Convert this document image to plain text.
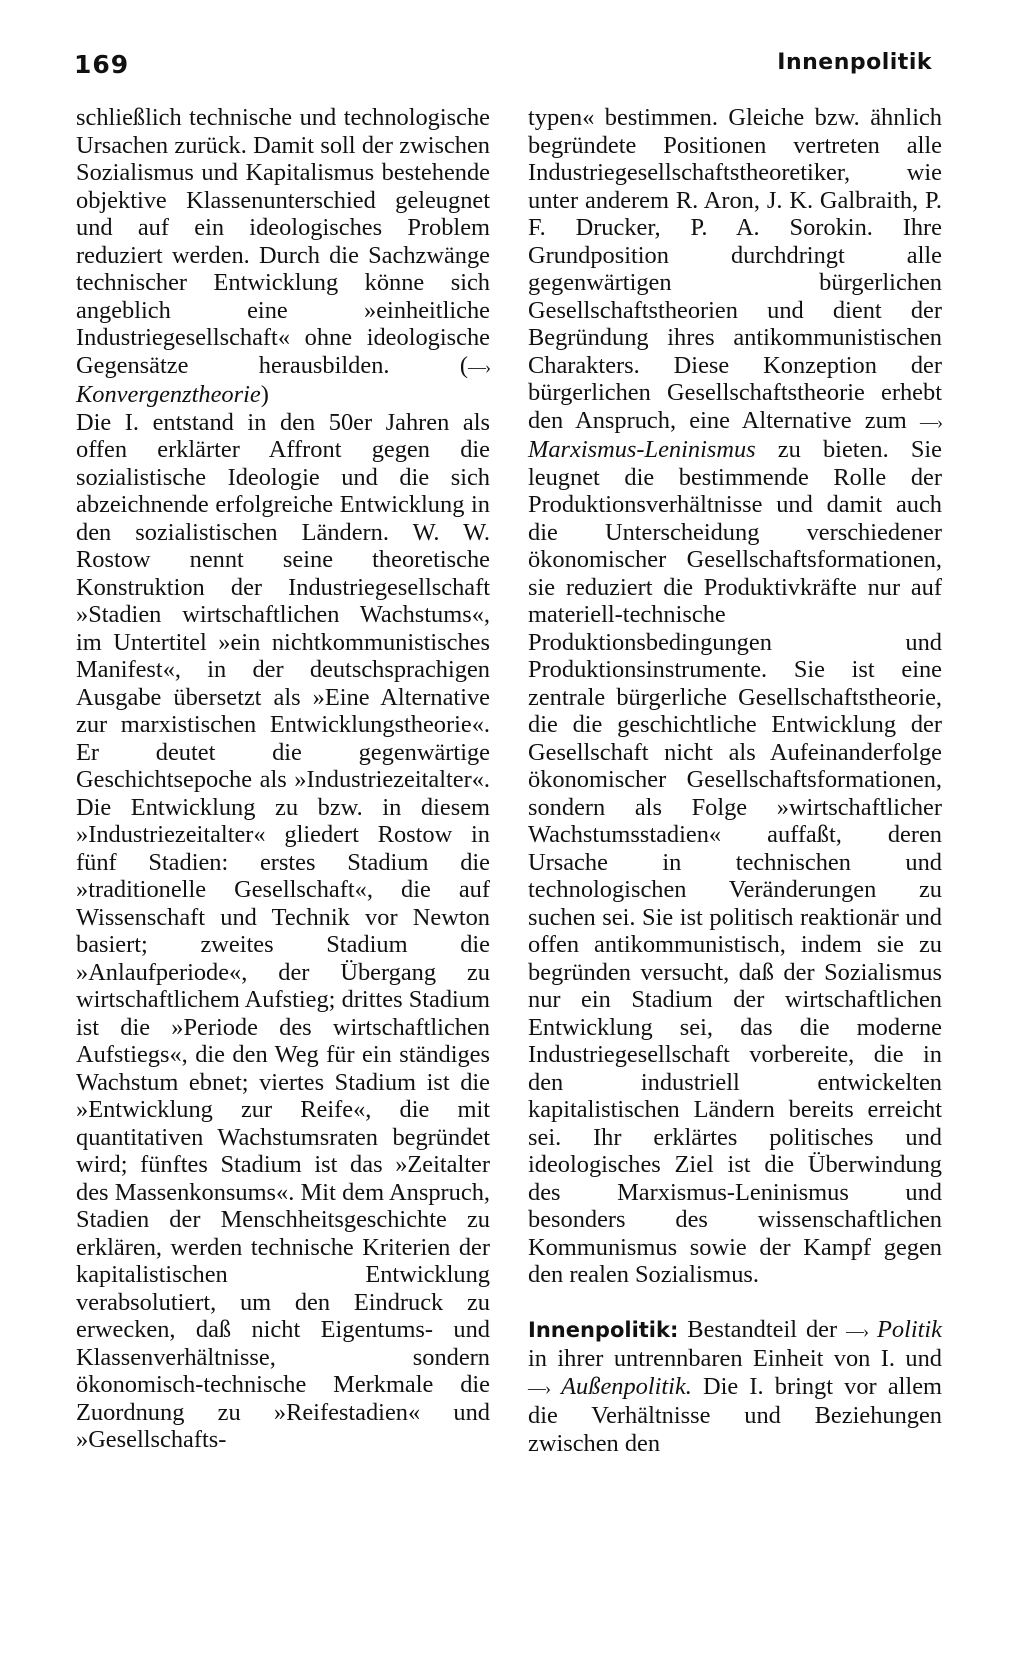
169	Innenpolitik

schließlich technische und technologische Ursachen zurück. Damit soll der zwischen Sozialismus und Kapitalismus bestehende objektive Klassenunterschied geleugnet und auf ein ideologisches Problem reduziert werden. Durch die Sachzwänge technischer Entwicklung könne sich angeblich eine »einheitliche Industriegesellschaft« ohne ideologische Gegensätze herausbilden. (—› Konvergenztheorie)

Die I. entstand in den 50er Jahren als offen erklärter Affront gegen die sozialistische Ideologie und die sich abzeichnende erfolgreiche Entwicklung in den sozialistischen Ländern. W. W. Rostow nennt seine theoretische Konstruktion der Industriegesellschaft »Stadien wirtschaftlichen Wachstums«, im Untertitel »ein nichtkommunistisches Manifest«, in der deutschsprachigen Ausgabe übersetzt als »Eine Alternative zur marxistischen Entwicklungstheorie«. Er deutet die gegenwärtige Geschichtsepoche als »Industriezeitalter«. Die Entwicklung zu bzw. in diesem »Industriezeitalter« gliedert Rostow in fünf Stadien: erstes Stadium die »traditionelle Gesellschaft«, die auf Wissenschaft und Technik vor Newton basiert; zweites Stadium die »Anlaufperiode«, der Übergang zu wirtschaftlichem Aufstieg; drittes Stadium ist die »Periode des wirtschaftlichen Aufstiegs«, die den Weg für ein ständiges Wachstum ebnet; viertes Stadium ist die »Entwicklung zur Reife«, die mit quantitativen Wachstumsraten begründet wird; fünftes Stadium ist das »Zeitalter des Massenkonsums«. Mit dem Anspruch, Stadien der Menschheitsgeschichte zu erklären, werden technische Kriterien der kapitalistischen Entwicklung verabsolutiert, um den Eindruck zu erwecken, daß nicht Eigentums- und Klassenverhältnisse, sondern ökonomisch-technische Merkmale die Zuordnung zu »Reifestadien« und »Gesellschafts-

typen« bestimmen. Gleiche bzw. ähnlich begründete Positionen vertreten alle Industriegesellschaftstheoretiker, wie unter anderem R. Aron, J. K. Galbraith, P. F. Drucker, P. A. Sorokin. Ihre Grundposition durchdringt alle gegenwärtigen bürgerlichen Gesellschaftstheorien und dient der Begründung ihres antikommunistischen Charakters. Diese Konzeption der bürgerlichen Gesellschaftstheorie erhebt den Anspruch, eine Alternative zum —› Marxismus-Leninismus zu bieten. Sie leugnet die bestimmende Rolle der Produktionsverhältnisse und damit auch die Unterscheidung verschiedener ökonomischer Gesellschaftsformationen, sie reduziert die Produktivkräfte nur auf materiell-technische Produktionsbedingungen und Produktionsinstrumente. Sie ist eine zentrale bürgerliche Gesellschaftstheorie, die die geschichtliche Entwicklung der Gesellschaft nicht als Aufeinanderfolge ökonomischer Gesellschaftsformationen, sondern als Folge »wirtschaftlicher Wachstumsstadien« auffaßt, deren Ursache in technischen und technologischen Veränderungen zu suchen sei. Sie ist politisch reaktionär und offen antikommunistisch, indem sie zu begründen versucht, daß der Sozialismus nur ein Stadium der wirtschaftlichen Entwicklung sei, das die moderne Industriegesellschaft vorbereite, die in den industriell entwickelten kapitalistischen Ländern bereits erreicht sei. Ihr erklärtes politisches und ideologisches Ziel ist die Überwindung des Marxismus-Leninismus und besonders des wissenschaftlichen Kommunismus sowie der Kampf gegen den realen Sozialismus.

Innenpolitik: Bestandteil der —› Politik in ihrer untrennbaren Einheit von I. und —› Außenpolitik. Die I. bringt vor allem die Verhältnisse und Beziehungen zwischen den
